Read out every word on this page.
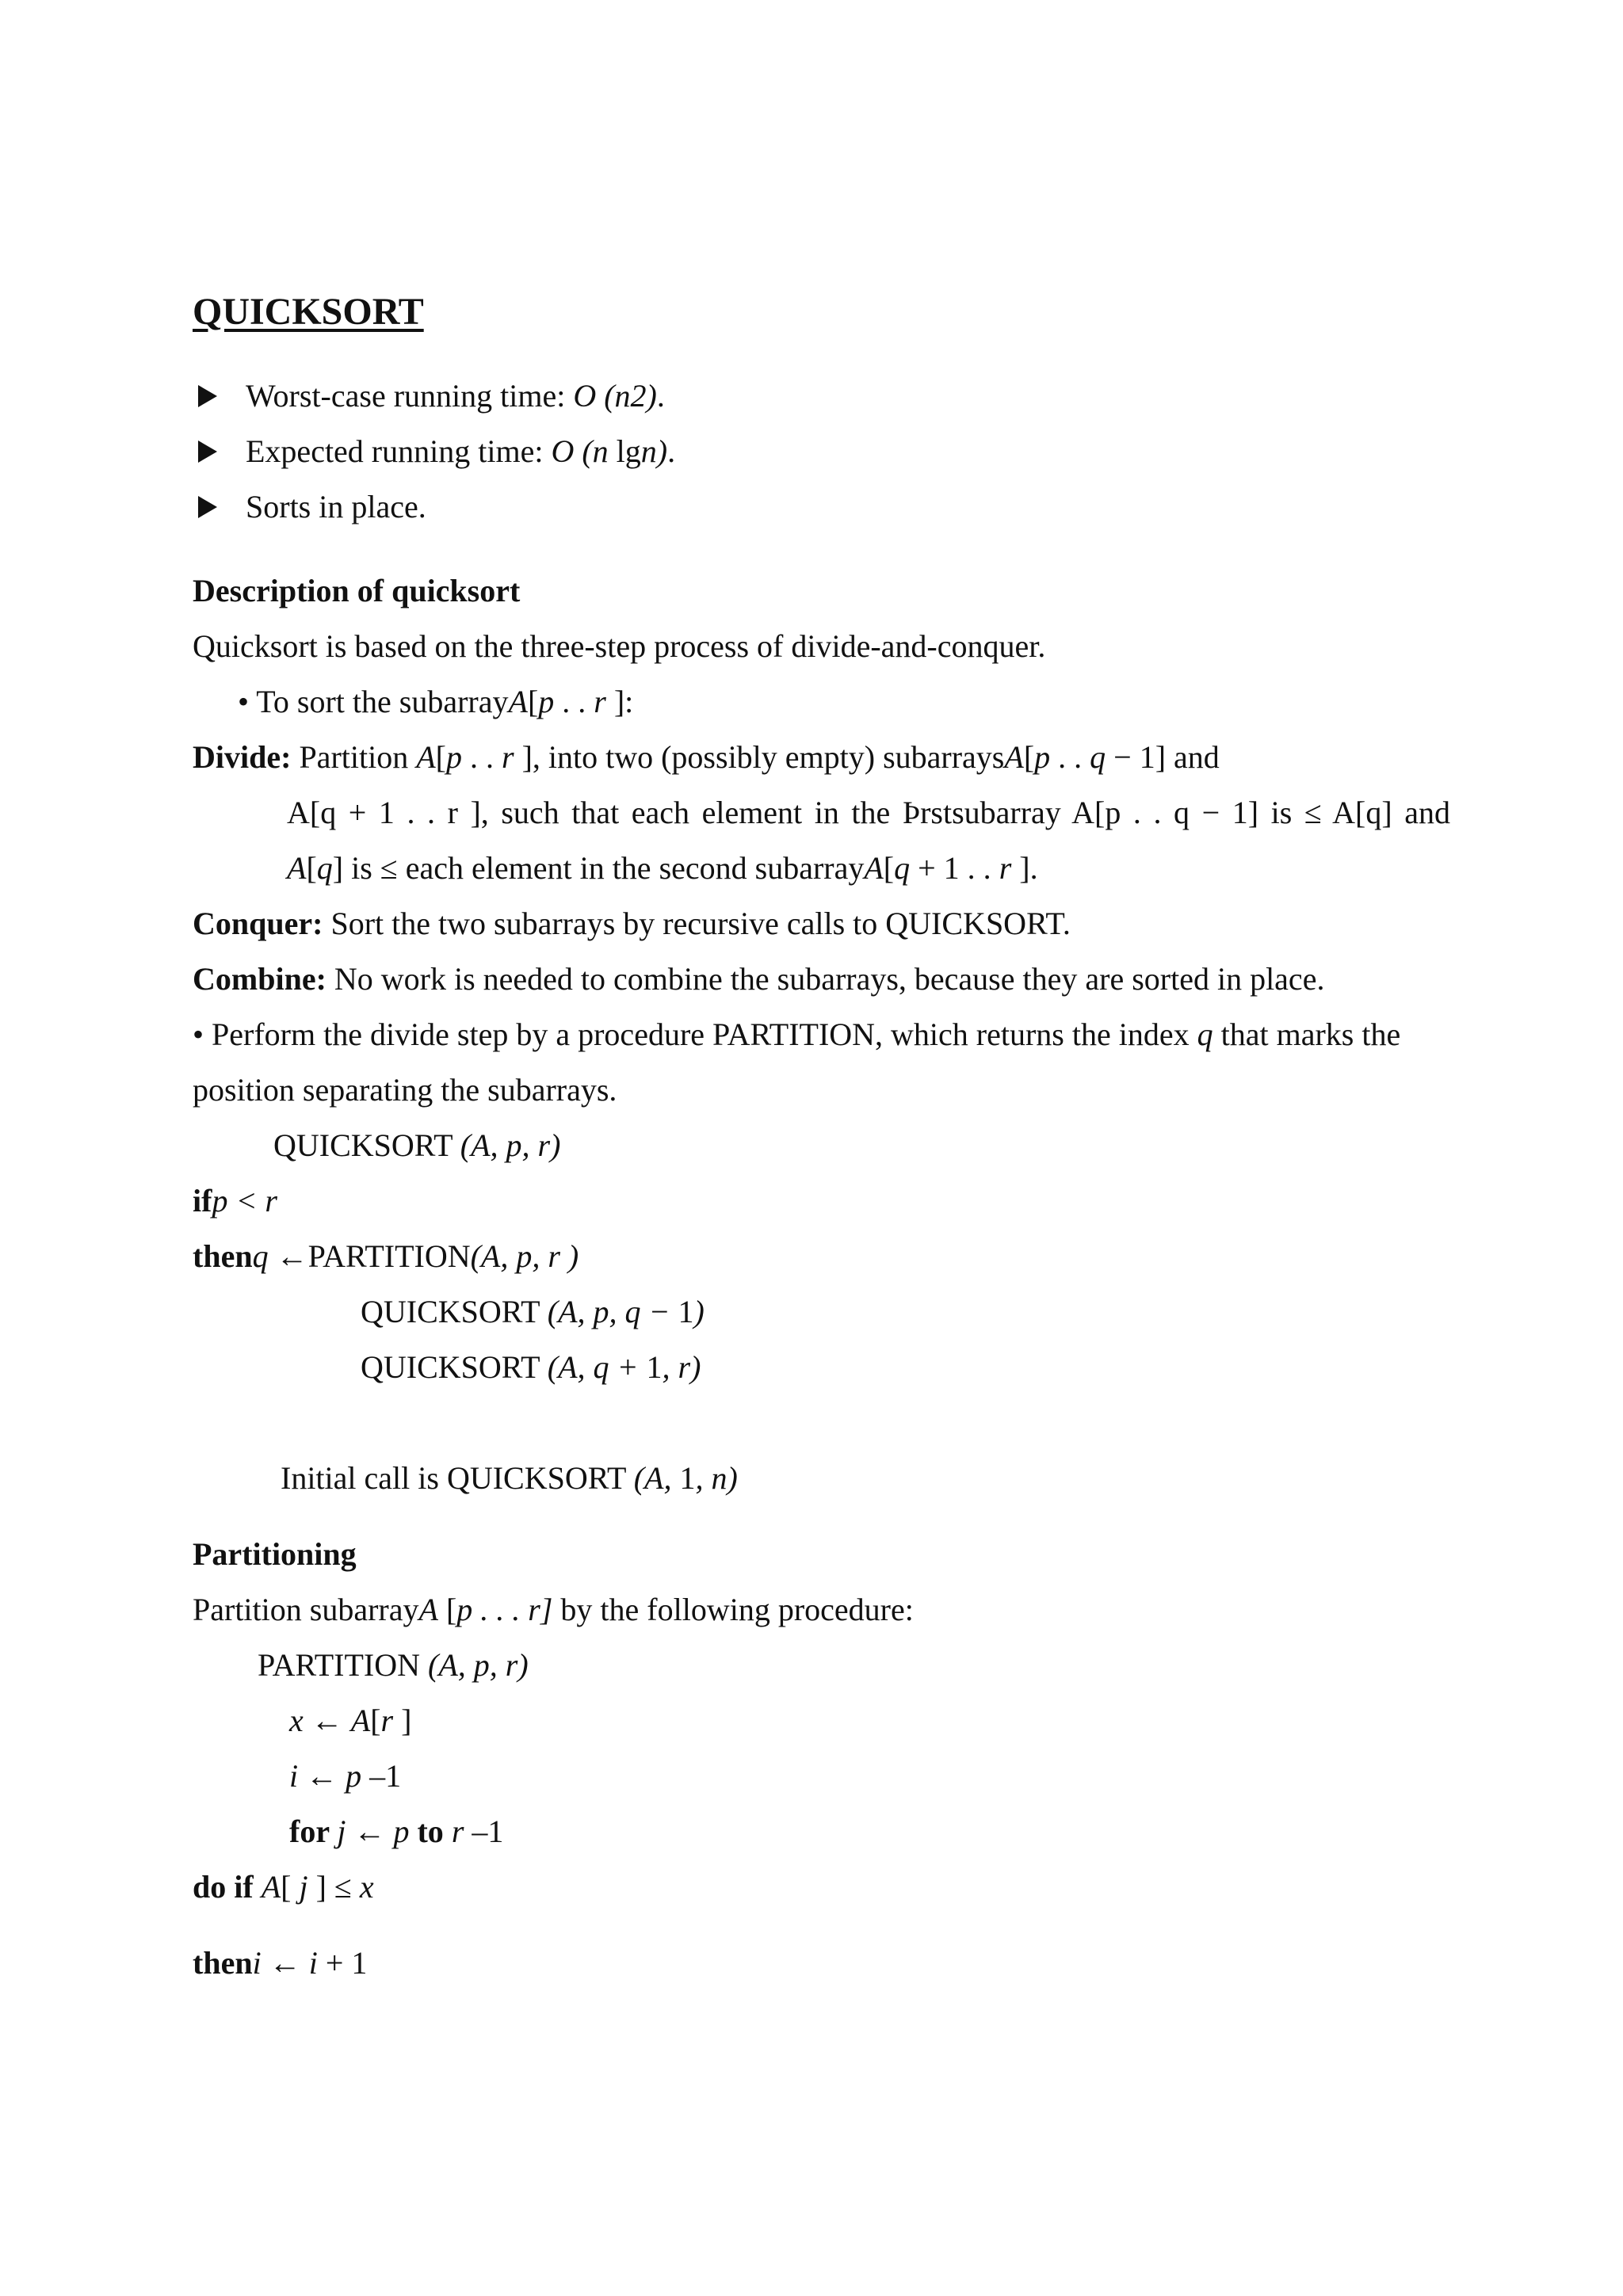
QUICKSORT
Worst-case running time: O (n2).
Expected running time: O (n lgn).
Sorts in place.
Description of quicksort
Quicksort is based on the three-step process of divide-and-conquer.
• To sort the subarrayA[p . . r ]:
Divide: Partition A[p . . r ], into two (possibly empty) subarraysA[p . . q − 1] and
A[q + 1 . . r ], such that each element in the Þrstsubarray A[p . . q − 1] is ≤ A[q] and
A[q] is ≤ each element in the second subarrayA[q + 1 . . r ].
Conquer: Sort the two subarrays by recursive calls to QUICKSORT.
Combine: No work is needed to combine the subarrays, because they are sorted in place.
• Perform the divide step by a procedure PARTITION, which returns the index q that marks the
position separating the subarrays.
QUICKSORT (A, p, r)
ifp < r
thenq ←PARTITION(A, p, r )
QUICKSORT (A, p, q − 1)
QUICKSORT (A, q + 1, r)
Initial call is QUICKSORT (A, 1, n)
Partitioning
Partition subarrayA [p . . . r] by the following procedure:
PARTITION (A, p, r)
x ← A[r ]
i ← p –1
for j ← p to r –1
do if A[ j ] ≤ x
theni ← i + 1
